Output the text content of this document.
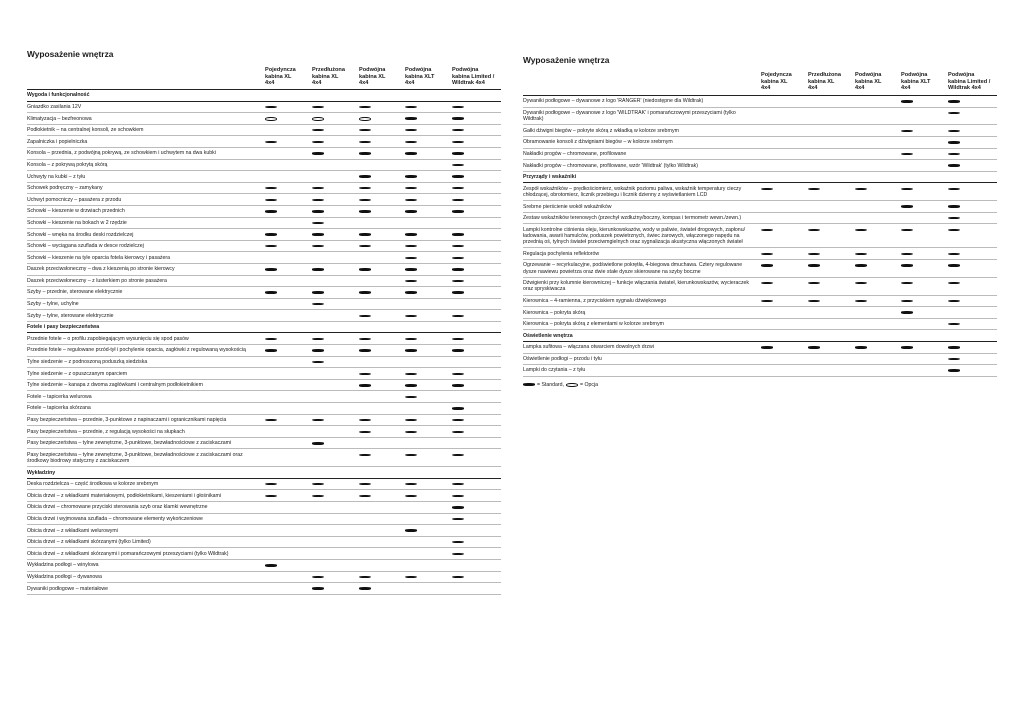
Wyposażenie wnętrza
Pojedyncza
kabina XL
4x4
Przedłużona
kabina XL
4x4
Podwójna
kabina XL
4x4
Podwójna
kabina XLT
4x4
Podwójna
kabina Limited /
Wildtrak 4x4
Wygoda i funkcjonalność
Gniazdko zasilania 12V
Klimatyzacja – bezfreonowa
Podłokietnik – na centralnej konsoli, ze schowkiem
Zapalniczka i popielniczka
Konsola – przednia, z podwójną pokrywą, ze schowkiem i uchwytem na dwa kubki
Konsola – z pokrywą pokrytą skórą
Uchwyty na kubki – z tyłu
Schowek podręczny – zamykany
Uchwyt pomocniczy – pasażera z przodu
Schowki – kieszenie w drzwiach przednich
Schowki – kieszenie na bokach w 2 rzędzie
Schowki – wnęka na środku deski rozdzielczej
Schowki – wyciągana szuflada w desce rodzielczej
Schowki – kieszenie na tyle oparcia fotela kierowcy i pasażera
Daszek przeciwsłoneczny – dwa z kieszenią po stronie kierowcy
Daszek przeciwsłoneczny – z lusterkiem po stronie pasażera
Szyby – przednie, sterowane elektrycznie
Szyby – tylne, uchylne
Szyby – tylne, sterowane elektrycznie
Fotele i pasy bezpieczeństwa
Przednie fotele – o profilu zapobiegającym wysunięciu się spod pasów
Przednie fotele – regulowane przód-tył i pochylenie oparcia, zagłówki z regulowaną wysokością
Tylne siedzenie – z podnoszoną poduszką siedziska
Tylne siedzenie – z opuszczanym oparciem
Tylne siedzenie – kanapa z dwoma zagłówkami i centralnym podłokietnikiem
Fotele – tapicerka welurowa
Fotele – tapicerka skórzana
Pasy bezpieczeństwa – przednie, 3-punktowe z napinaczami i ogranicznikami napięcia
Pasy bezpieczeństwa – przednie, z regulacją wysokości na słupkach
Pasy bezpieczeństwa – tylne zewnętrzne, 3-punktowe, bezwładnościowe z zaciskaczami
Pasy bezpieczeństwa – tylne zewnętrzne, 3-punktowe, bezwładnościowe z zaciskaczami oraz środkowy biodrowy statyczny z zaciskaczem
Wykładziny
Deska rozdzielcza – część środkowa w kolorze srebrnym
Obicia drzwi – z wkładkami materiałowymi, podłokietnikami, kieszeniami i głośnikami
Obicia drzwi – chromowane przyciski sterowania szyb oraz klamki wewnętrzne
Obicia drzwi i wyjmowana szuflada – chromowane elementy wykończeniowe
Obicia drzwi – z wkładkami welurowymi
Obicia drzwi – z wkładkami skórzanymi (tylko Limited)
Obicia drzwi – z wkładkami skórzanymi i pomarańczowymi przeszyciami (tylko Wildtrak)
Wykładzina podłogi – winylowa
Wykładzina podłogi – dywanowa
Dywaniki podłogowe – materiałowe
Wyposażenie wnętrza
Pojedyncza
kabina XL
4x4
Przedłużona
kabina XL
4x4
Podwójna
kabina XL
4x4
Podwójna
kabina XLT
4x4
Podwójna
kabina Limited /
Wildtrak 4x4
Dywaniki podłogowe – dywanowe z logo 'RANGER' (niedostępne dla Wildtrak)
Dywaniki podłogowe – dywanowe z logo 'WILDTRAK' i pomarańczowymi przeszyciami (tylko Wildtrak)
Gałki dźwigni biegów – pokryte skórą z wkładką w kolorze srebrnym
Obramowanie konsoli z dźwigniami biegów – w kolorze srebrnym
Nakładki progów – chromowane, profilowane
Nakładki progów – chromowane, profilowane, wzór 'Wildtrak' (tylko Wildtrak)
Przyrządy i wskaźniki
Zespół wskaźników – prędkościomierz, wskaźnik poziomu paliwa, wskaźnik temperatury cieczy chłodzącej, obrotomierz, licznik przebiegu i licznik dzienny z wyświetlaniem LCD
Srebrne pierścienie wokół wskaźników
Zestaw wskaźników terenowych (przechył wzdłużny/boczny, kompas i termometr wewn./zewn.)
Lampki kontrolne ciśnienia oleju, kierunkowskazów, wody w paliwie, świateł drogowych, zapłonu/ładowania, awarii hamulców, poduszek powietrznych, świec żarowych, włączonego napędu na przednią oś, tylnych świateł przeciwmgielnych oraz sygnalizacja akustyczna włączonych świateł
Regulacja pochylenia reflektorów
Ogrzewanie – recyrkulacyjne, podświetlone pokrętła, 4-biegowa dmuchawa. Cztery regulowane dysze nawiewu powietrza oraz dwie stałe dysze skierowane na szyby boczne
Dźwigienki przy kolumnie kierowniczej – funkcje włączania świateł, kierunkowskazów, wycieraczek oraz spryskiwacza
Kierownica – 4-ramienna, z przyciskiem sygnału dźwiękowego
Kierownica – pokryta skórą
Kierownica – pokryta skórą z elementami w kolorze srebrnym
Oświetlenie wnętrza
Lampka sufitowa – włączana otwarciem dowolnych drzwi
Oświetlenie podłogi – przodu i tyłu
Lampki do czytania – z tyłu
= Standard,	= Opcja
